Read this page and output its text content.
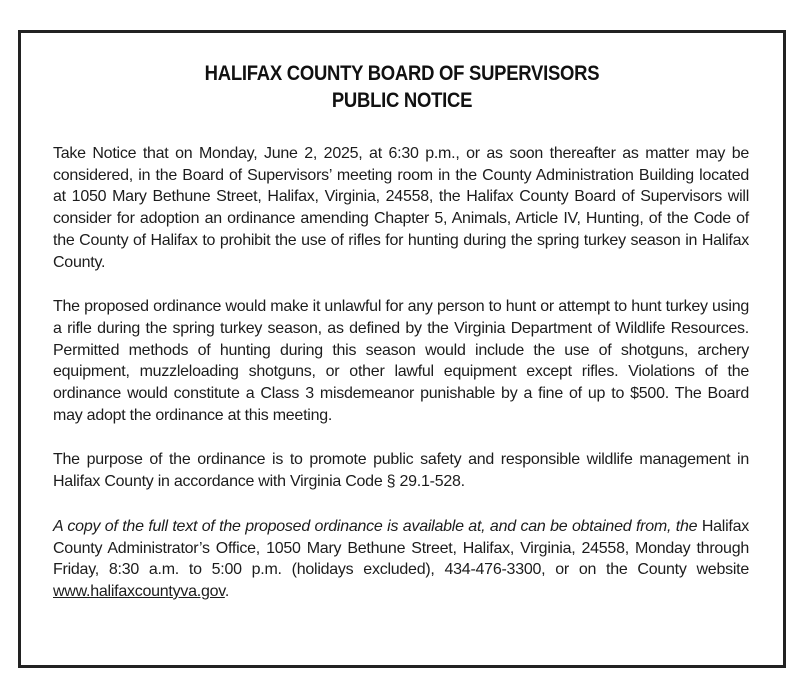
HALIFAX COUNTY BOARD OF SUPERVISORS
PUBLIC NOTICE

Take Notice that on Monday, June 2, 2025, at 6:30 p.m., or as soon thereafter as matter may be considered, in the Board of Supervisors’ meeting room in the County Administration Building located at 1050 Mary Bethune Street, Halifax, Virginia, 24558, the Halifax County Board of Supervisors will consider for adoption an ordinance amending Chapter 5, Animals, Article IV, Hunting, of the Code of the County of Halifax to prohibit the use of rifles for hunting during the spring turkey season in Halifax County.

The proposed ordinance would make it unlawful for any person to hunt or attempt to hunt turkey using a rifle during the spring turkey season, as defined by the Virginia Department of Wildlife Resources. Permitted methods of hunting during this season would include the use of shotguns, archery equipment, muzzleloading shotguns, or other lawful equipment except rifles. Violations of the ordinance would constitute a Class 3 misdemeanor punishable by a fine of up to $500. The Board may adopt the ordinance at this meeting.

The purpose of the ordinance is to promote public safety and responsible wildlife management in Halifax County in accordance with Virginia Code § 29.1-528.

A copy of the full text of the proposed ordinance is available at, and can be obtained from, the Halifax County Administrator’s Office, 1050 Mary Bethune Street, Halifax, Virginia, 24558, Monday through Friday, 8:30 a.m. to 5:00 p.m. (holidays excluded), 434-476-3300, or on the County website www.halifaxcountyva.gov.
